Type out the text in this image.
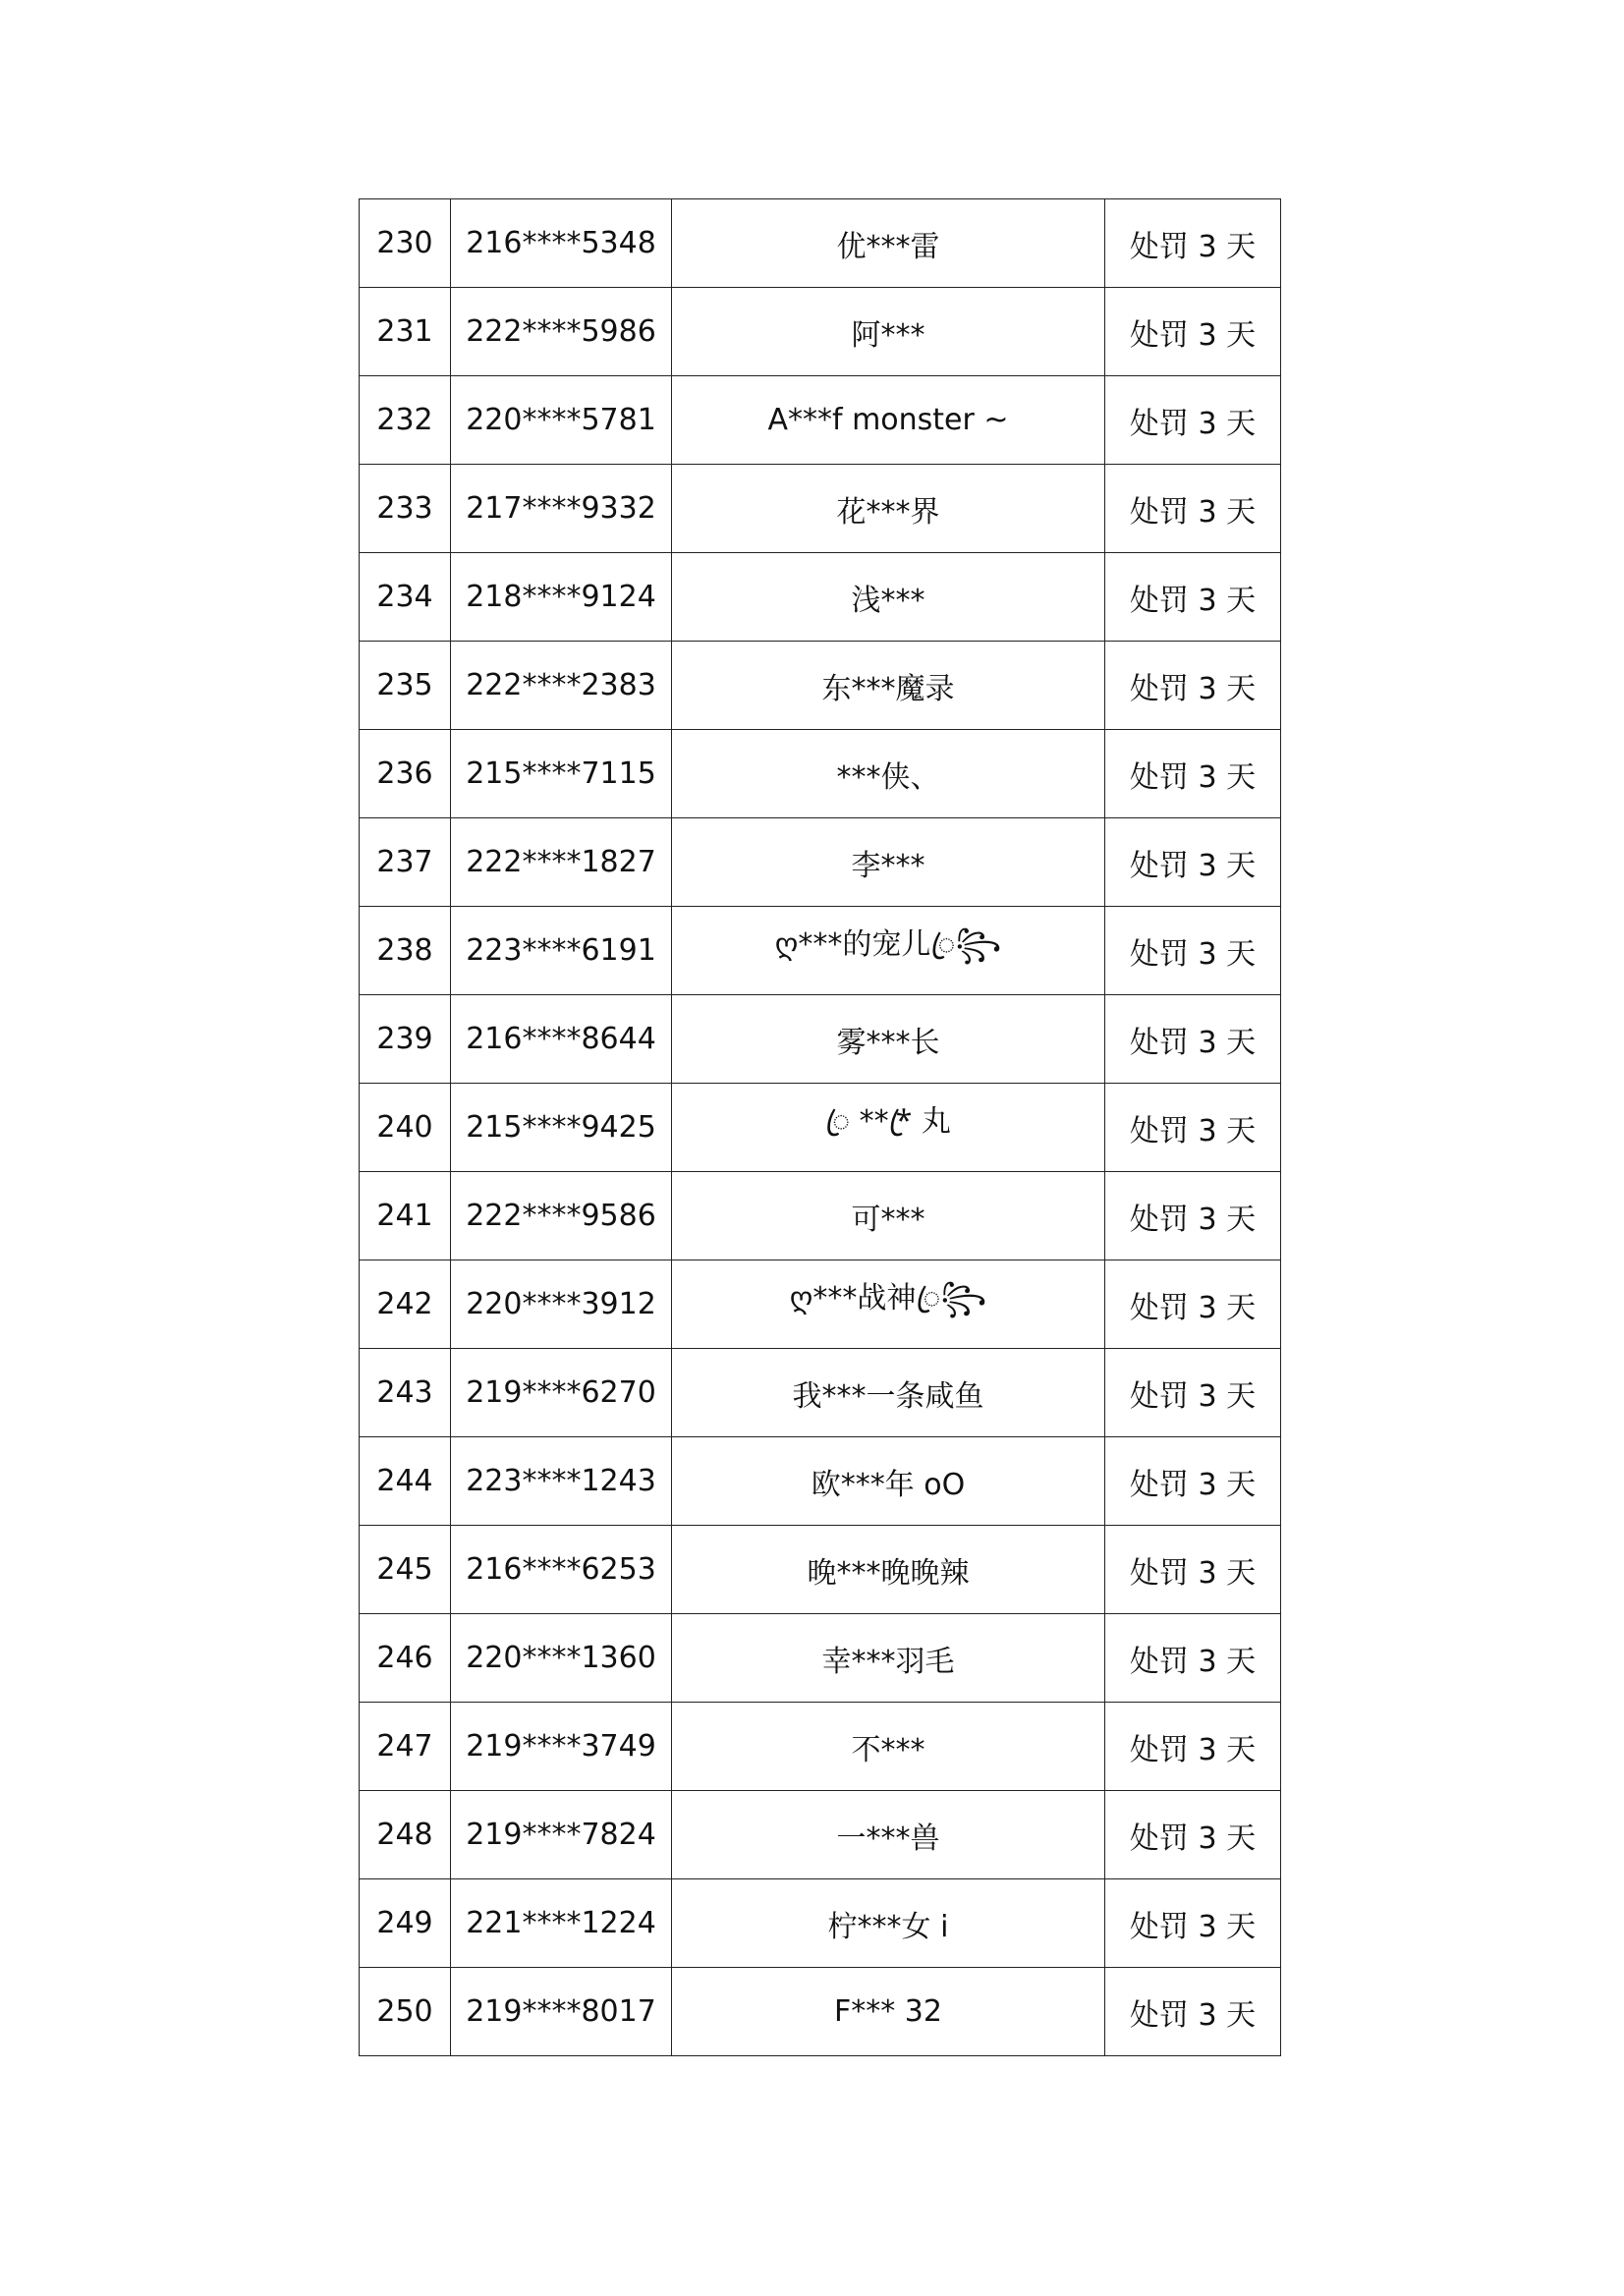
230	216****5348	优***雷	处罚 3 天
231	222****5986	阿***	处罚 3 天
232	220****5781	A***f monster ~	处罚 3 天
233	217****9332	花***界	处罚 3 天
234	218****9124	浅***	处罚 3 天
235	222****2383	东***魔录	处罚 3 天
236	215****7115	***侠、	处罚 3 天
237	222****1827	李***	处罚 3 天
238	223****6191	ღ***的宠儿ꦿ꧂	处罚 3 天
239	216****8644	雾***长	处罚 3 天
240	215****9425	ꦿ ***ꦿ 丸	处罚 3 天
241	222****9586	可***	处罚 3 天
242	220****3912	ღ***战神ꦿ꧂	处罚 3 天
243	219****6270	我***一条咸鱼	处罚 3 天
244	223****1243	欧***年 oO	处罚 3 天
245	216****6253	晚***晚晚辣	处罚 3 天
246	220****1360	幸***羽毛	处罚 3 天
247	219****3749	不***	处罚 3 天
248	219****7824	一***兽	处罚 3 天
249	221****1224	柠***女 i	处罚 3 天
250	219****8017	F*** 32	处罚 3 天
